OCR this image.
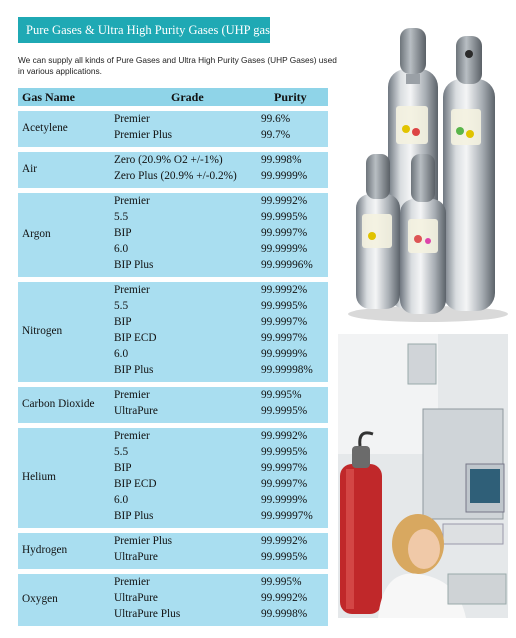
Pure Gases & Ultra High Purity Gases (UHP gases)
We can supply all kinds of Pure Gases and Ultra High Purity Gases (UHP Gases) used in various applications.
Gas Name	Grade	Purity
Acetylene
Premier	99.6%
Premier Plus	99.7%
Air
Zero (20.9% O2 +/-1%)	99.998%
Zero Plus (20.9% +/-0.2%) 99.9999%
Argon
Premier	99.9992%
5.5	99.9995%
BIP	99.9997%
6.0	99.9999%
BIP Plus	99.99996%
Nitrogen
Premier	99.9992%
5.5	99.9995%
BIP	99.9997%
BIP ECD	99.9997%
6.0	99.9999%
BIP Plus	99.99998%
Carbon Dioxide
Premier	99.995%
UltraPure	99.9995%
Helium
Premier	99.9992%
5.5	99.9995%
BIP	99.9997%
BIP ECD	99.9997%
6.0	99.9999%
BIP Plus	99.99997%
Hydrogen
Premier Plus	99.9992%
UltraPure	99.9995%
Oxygen
Premier	99.995%
UltraPure	99.9992%
UltraPure Plus	99.9998%
